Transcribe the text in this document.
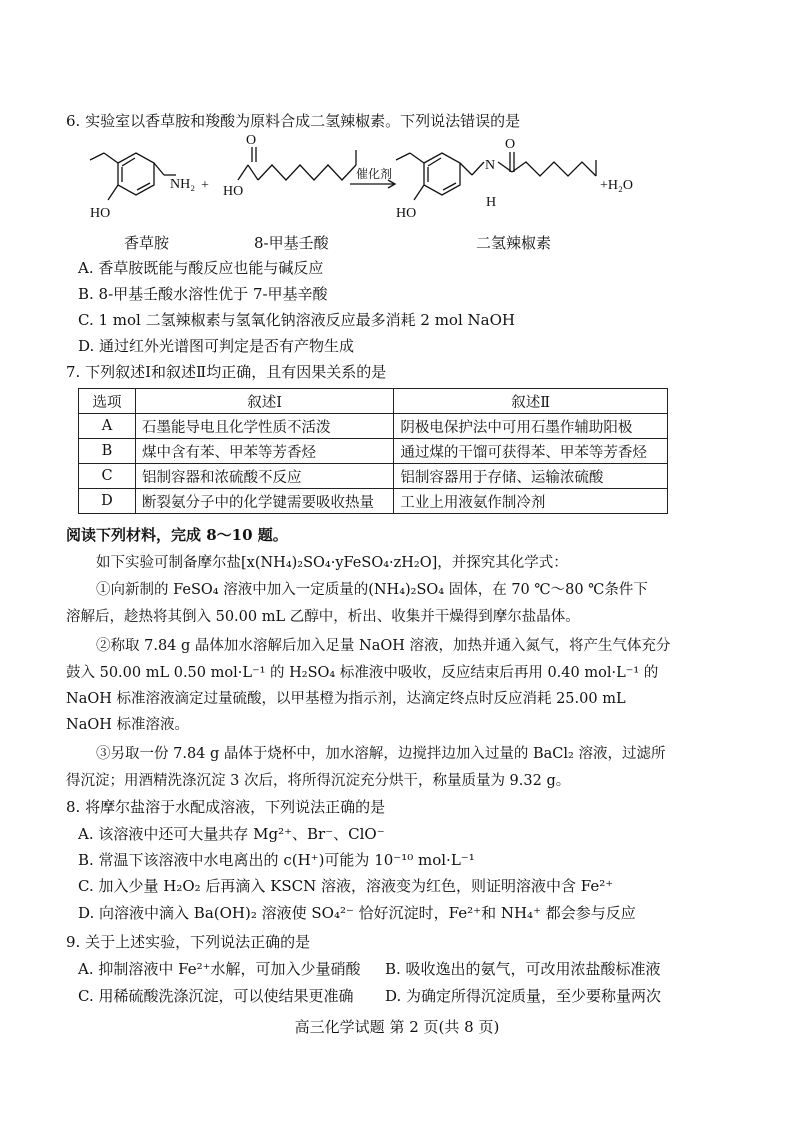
6. 实验室以香草胺和羧酸为原料合成二氢辣椒素。下列说法错误的是
NH₂
HO
+
O
HO
催化剂
HO
N
H
O
+H₂O
香草胺	8-甲基壬酸	二氢辣椒素
A. 香草胺既能与酸反应也能与碱反应
B. 8-甲基壬酸水溶性优于 7-甲基辛酸
C. 1 mol 二氢辣椒素与氢氧化钠溶液反应最多消耗 2 mol NaOH
D. 通过红外光谱图可判定是否有产物生成
7. 下列叙述Ⅰ和叙述Ⅱ均正确，且有因果关系的是
选项	叙述Ⅰ	叙述Ⅱ
A	石墨能导电且化学性质不活泼	阴极电保护法中可用石墨作辅助阳极
B	煤中含有苯、甲苯等芳香烃	通过煤的干馏可获得苯、甲苯等芳香烃
C	铝制容器和浓硫酸不反应	铝制容器用于存储、运输浓硫酸
D	断裂氨分子中的化学键需要吸收热量	工业上用液氨作制冷剂
阅读下列材料，完成 8～10 题。
如下实验可制备摩尔盐[x(NH₄)₂SO₄·yFeSO₄·zH₂O]，并探究其化学式：
①向新制的 FeSO₄ 溶液中加入一定质量的(NH₄)₂SO₄ 固体，在 70 ℃～80 ℃条件下
溶解后，趁热将其倒入 50.00 mL 乙醇中，析出、收集并干燥得到摩尔盐晶体。
②称取 7.84 g 晶体加水溶解后加入足量 NaOH 溶液，加热并通入氮气，将产生气体充分
鼓入 50.00 mL 0.50 mol·L⁻¹ 的 H₂SO₄ 标准液中吸收，反应结束后再用 0.40 mol·L⁻¹ 的
NaOH 标准溶液滴定过量硫酸，以甲基橙为指示剂，达滴定终点时反应消耗 25.00 mL
NaOH 标准溶液。
③另取一份 7.84 g 晶体于烧杯中，加水溶解，边搅拌边加入过量的 BaCl₂ 溶液，过滤所
得沉淀；用酒精洗涤沉淀 3 次后，将所得沉淀充分烘干，称量质量为 9.32 g。
8. 将摩尔盐溶于水配成溶液，下列说法正确的是
A. 该溶液中还可大量共存 Mg²⁺、Br⁻、ClO⁻
B. 常温下该溶液中水电离出的 c(H⁺)可能为 10⁻¹⁰ mol·L⁻¹
C. 加入少量 H₂O₂ 后再滴入 KSCN 溶液，溶液变为红色，则证明溶液中含 Fe²⁺
D. 向溶液中滴入 Ba(OH)₂ 溶液使 SO₄²⁻ 恰好沉淀时，Fe²⁺和 NH₄⁺ 都会参与反应
9. 关于上述实验，下列说法正确的是
A. 抑制溶液中 Fe²⁺水解，可加入少量硝酸 B. 吸收逸出的氨气，可改用浓盐酸标准液
C. 用稀硫酸洗涤沉淀，可以使结果更准确 D. 为确定所得沉淀质量，至少要称量两次
高三化学试题 第 2 页(共 8 页)
